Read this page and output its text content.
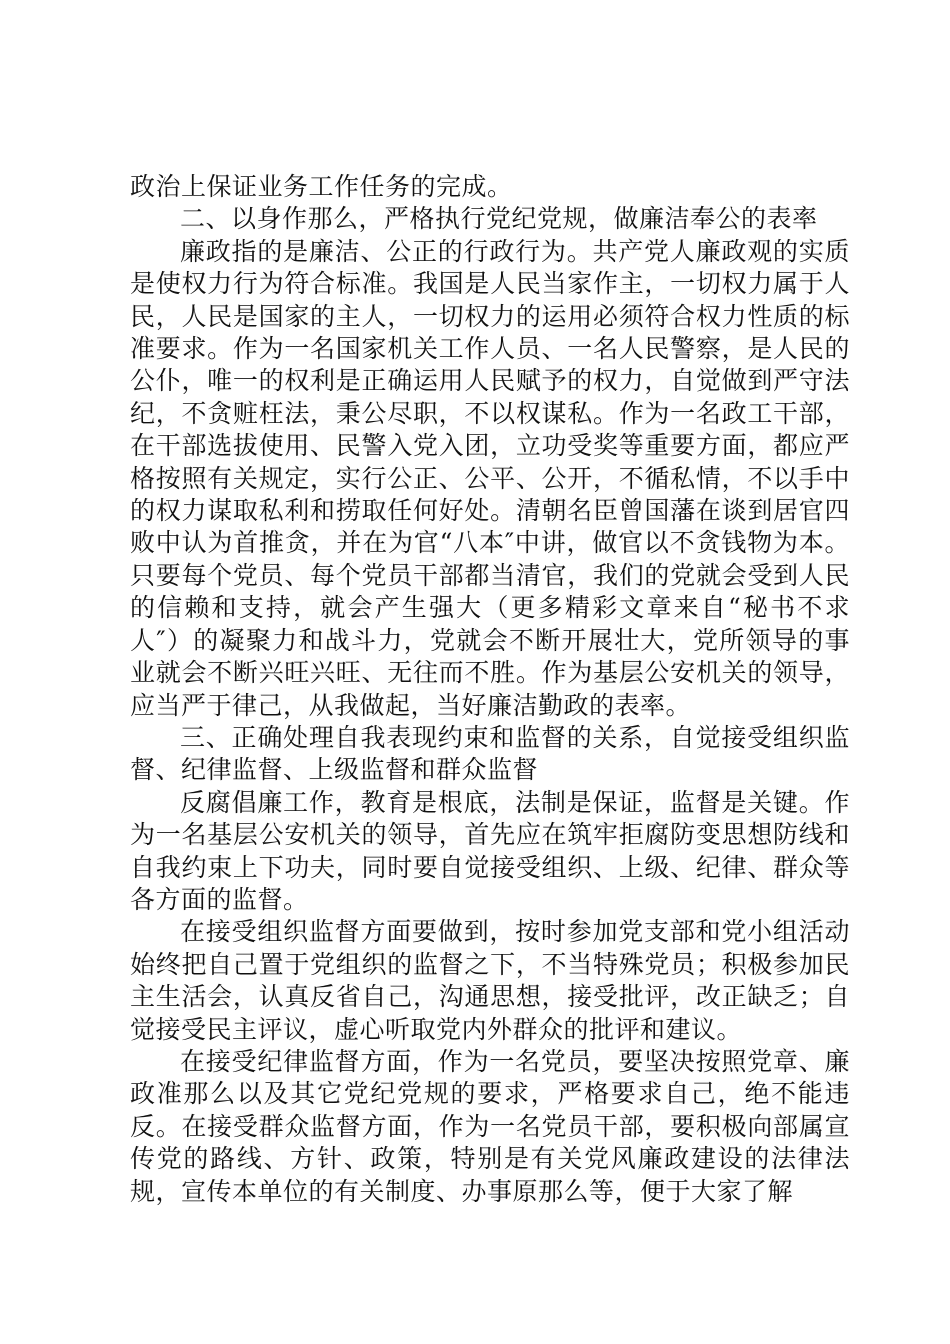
政治上保证业务工作任务的完成。

二、以身作那么，严格执行党纪党规，做廉洁奉公的表率

廉政指的是廉洁、公正的行政行为。共产党人廉政观的实质是使权力行为符合标准。我国是人民当家作主，一切权力属于人民，人民是国家的主人，一切权力的运用必须符合权力性质的标准要求。作为一名国家机关工作人员、一名人民警察，是人民的公仆，唯一的权利是正确运用人民赋予的权力，自觉做到严守法纪，不贪赃枉法，秉公尽职，不以权谋私。作为一名政工干部，在干部选拔使用、民警入党入团，立功受奖等重要方面，都应严格按照有关规定，实行公正、公平、公开，不循私情，不以手中的权力谋取私利和捞取任何好处。清朝名臣曾国藩在谈到居官四败中认为首推贪，并在为官“八本″中讲，做官以不贪钱物为本。只要每个党员、每个党员干部都当清官，我们的党就会受到人民的信赖和支持，就会产生强大（更多精彩文章来自“秘书不求人″）的凝聚力和战斗力，党就会不断开展壮大，党所领导的事业就会不断兴旺兴旺、无往而不胜。作为基层公安机关的领导，应当严于律己，从我做起，当好廉洁勤政的表率。

三、正确处理自我表现约束和监督的关系，自觉接受组织监督、纪律监督、上级监督和群众监督

反腐倡廉工作，教育是根底，法制是保证，监督是关键。作为一名基层公安机关的领导，首先应在筑牢拒腐防变思想防线和自我约束上下功夫，同时要自觉接受组织、上级、纪律、群众等各方面的监督。

在接受组织监督方面要做到，按时参加党支部和党小组活动始终把自己置于党组织的监督之下，不当特殊党员；积极参加民主生活会，认真反省自己，沟通思想，接受批评，改正缺乏；自觉接受民主评议，虚心听取党内外群众的批评和建议。

在接受纪律监督方面，作为一名党员，要坚决按照党章、廉政准那么以及其它党纪党规的要求，严格要求自己，绝不能违反。在接受群众监督方面，作为一名党员干部，要积极向部属宣传党的路线、方针、政策，特别是有关党风廉政建设的法律法规，宣传本单位的有关制度、办事原那么等，便于大家了解
